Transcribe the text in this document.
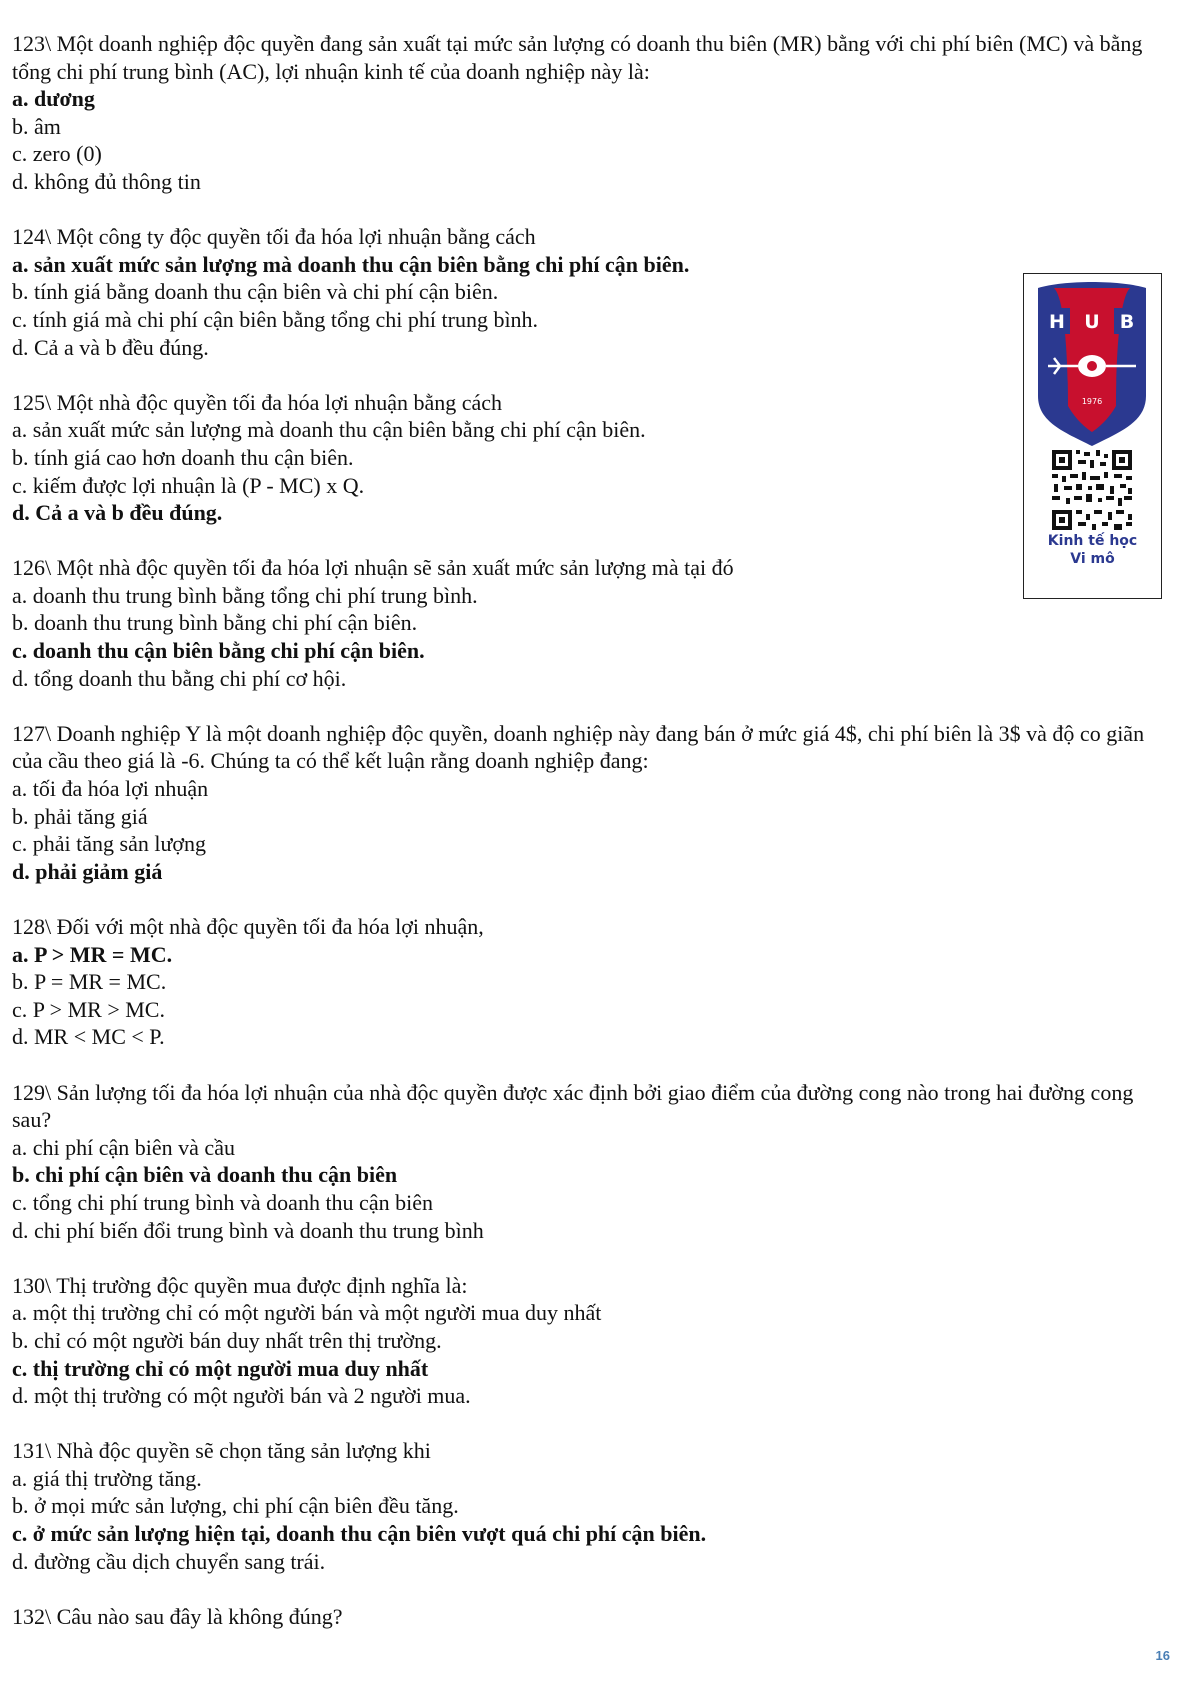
123\ Một doanh nghiệp độc quyền đang sản xuất tại mức sản lượng có doanh thu biên (MR) bằng với chi phí biên (MC) và bằng tổng chi phí trung bình (AC), lợi nhuận kinh tế của doanh nghiệp này là:
a. dương
b. âm
c. zero (0)
d. không đủ thông tin
124\ Một công ty độc quyền tối đa hóa lợi nhuận bằng cách
a. sản xuất mức sản lượng mà doanh thu cận biên bằng chi phí cận biên.
b. tính giá bằng doanh thu cận biên và chi phí cận biên.
c. tính giá mà chi phí cận biên bằng tổng chi phí trung bình.
d. Cả a và b đều đúng.
125\ Một nhà độc quyền tối đa hóa lợi nhuận bằng cách
a. sản xuất mức sản lượng mà doanh thu cận biên bằng chi phí cận biên.
b. tính giá cao hơn doanh thu cận biên.
c. kiếm được lợi nhuận là (P - MC) x Q.
d. Cả a và b đều đúng.
126\ Một nhà độc quyền tối đa hóa lợi nhuận sẽ sản xuất mức sản lượng mà tại đó
a. doanh thu trung bình bằng tổng chi phí trung bình.
b. doanh thu trung bình bằng chi phí cận biên.
c. doanh thu cận biên bằng chi phí cận biên.
d. tổng doanh thu bằng chi phí cơ hội.
127\ Doanh nghiệp Y là một doanh nghiệp độc quyền, doanh nghiệp này đang bán ở mức giá 4$, chi phí biên là 3$ và độ co giãn của cầu theo giá là -6. Chúng ta có thể kết luận rằng doanh nghiệp đang:
a. tối đa hóa lợi nhuận
b. phải tăng giá
c. phải tăng sản lượng
d. phải giảm giá
128\ Đối với một nhà độc quyền tối đa hóa lợi nhuận,
a. P > MR = MC.
b. P = MR = MC.
c. P > MR > MC.
d. MR < MC < P.
129\ Sản lượng tối đa hóa lợi nhuận của nhà độc quyền được xác định bởi giao điểm của đường cong nào trong hai đường cong sau?
a. chi phí cận biên và cầu
b. chi phí cận biên và doanh thu cận biên
c. tổng chi phí trung bình và doanh thu cận biên
d. chi phí biến đổi trung bình và doanh thu trung bình
130\ Thị trường độc quyền mua được định nghĩa là:
a. một thị trường chỉ có một người bán và một người mua duy nhất
b. chỉ có một người bán duy nhất trên thị trường.
c. thị trường chỉ có một người mua duy nhất
d. một thị trường có một người bán và 2 người mua.
131\ Nhà độc quyền sẽ chọn tăng sản lượng khi
a. giá thị trường tăng.
b. ở mọi mức sản lượng, chi phí cận biên đều tăng.
c. ở mức sản lượng hiện tại, doanh thu cận biên vượt quá chi phí cận biên.
d. đường cầu dịch chuyển sang trái.
132\ Câu nào sau đây là không đúng?
H U B
1976
Kinh tế học
Vi mô
16
